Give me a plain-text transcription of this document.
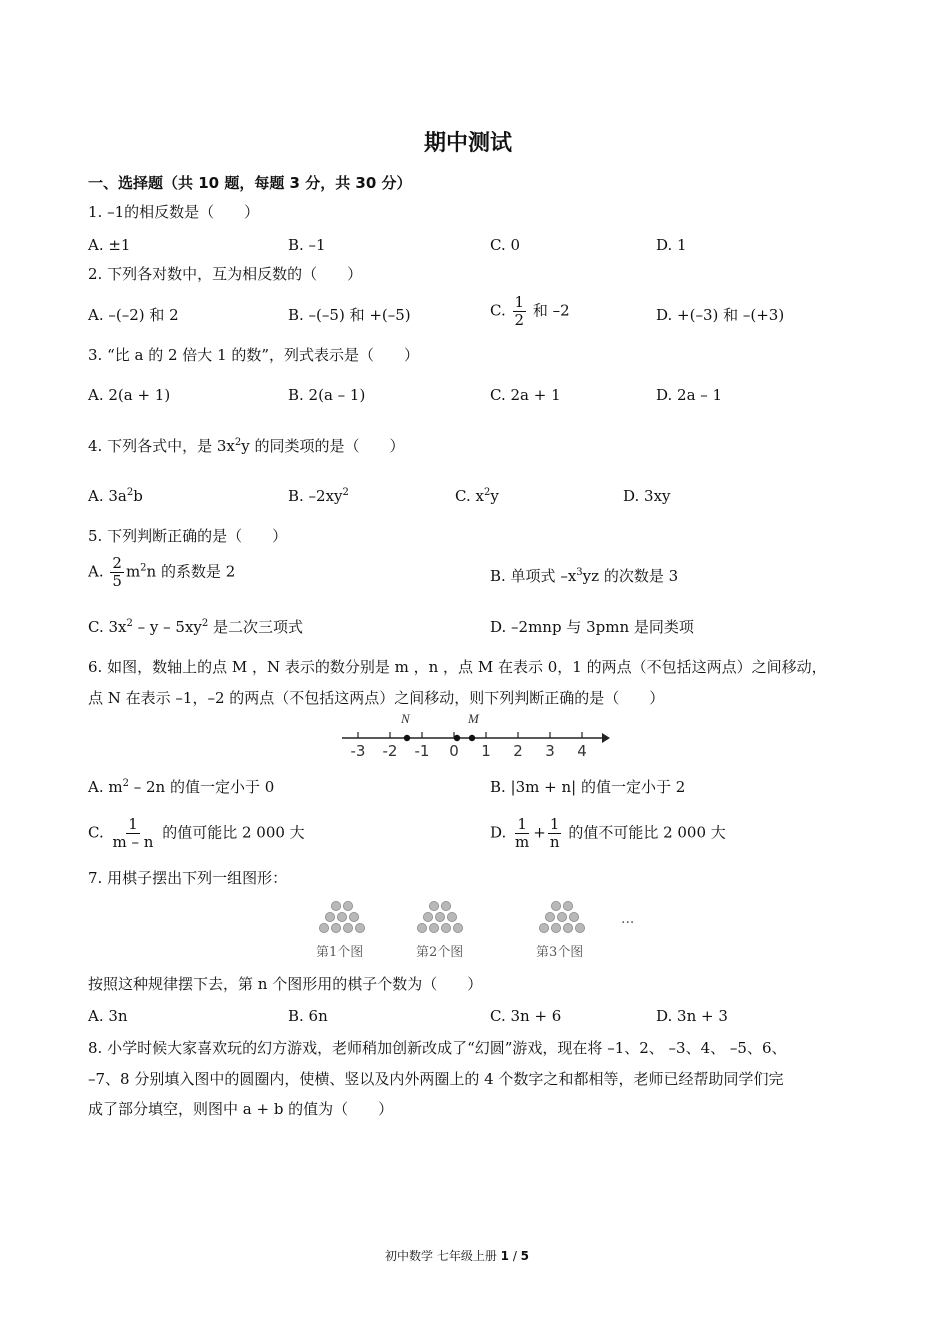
期中测试
一、选择题（共 10 题，每题 3 分，共 30 分）
1. –1的相反数是（　　）
A. ±1	B. –1	C. 0	D. 1
2. 下列各对数中，互为相反数的（　　）
A. –(–2) 和 2	B. –(–5) 和 +(–5)	C. $\frac{1}{2}$ 和 –2	D. +(–3) 和 –(+3)
3. “比 a 的 2 倍大 1 的数”，列式表示是（　　）
A. 2(a + 1)	B. 2(a – 1)	C. 2a + 1	D. 2a – 1
4. 下列各式中，是 $3x^2y$ 的同类项的是（　　）
A. $3a^2b$	B. $-2xy^2$	C. $x^2y$	D. 3xy
5. 下列判断正确的是（　　）
A. $\frac{2}{5} m^2n$ 的系数是 2	B. 单项式 $-x^3yz$ 的次数是 3
C. $3x^2$ – y – $5xy^2$ 是二次三项式	D. –2mnp 与 3pmn 是同类项
6. 如图，数轴上的点 M ，N 表示的数分别是 m ，n ，点 M 在表示 0，1 的两点（不包括这两点）之间移动，
点 N 在表示 –1，–2 的两点（不包括这两点）之间移动，则下列判断正确的是（　　）
-3 -2 -1 0 1 2 3 4
N	M
A. $m^2 - 2n$ 的值一定小于 0	B. |3m + n| 的值一定小于 2
C. $\frac{1}{m - n}$ 的值可能比 2 000 大	D. $\frac{1}{m} + \frac{1}{n}$ 的值不可能比 2 000 大
7. 用棋子摆出下列一组图形：
第1个图	第2个图	第3个图
···
按照这种规律摆下去，第 n 个图形用的棋子个数为（　　）
A. 3n	B. 6n	C. 3n + 6	D. 3n + 3
8. 小学时候大家喜欢玩的幻方游戏，老师稍加创新改成了“幻圆”游戏，现在将 –1、2、 –3、4、 –5、6、
–7、8 分别填入图中的圆圈内，使横、竖以及内外两圈上的 4 个数字之和都相等，老师已经帮助同学们完
成了部分填空，则图中 a + b 的值为（　　）
初中数学 七年级上册 1 / 5
